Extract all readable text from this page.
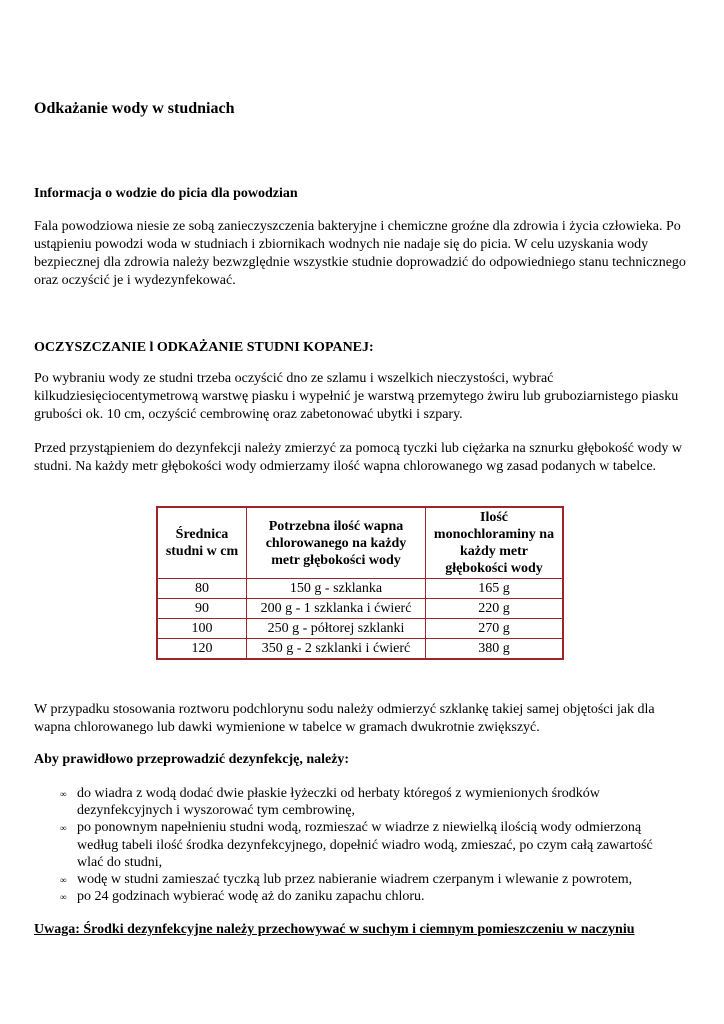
Odkażanie wody w studniach
Informacja o wodzie do picia dla powodzian

Fala powodziowa niesie ze sobą zanieczyszczenia bakteryjne i chemiczne groźne dla zdrowia i życia człowieka. Po ustąpieniu powodzi woda w studniach i zbiornikach wodnych nie nadaje się do picia. W celu uzyskania wody bezpiecznej dla zdrowia należy bezwzględnie wszystkie studnie doprowadzić do odpowiedniego stanu technicznego oraz oczyścić je i wydezynfekować.

OCZYSZCZANIE l ODKAŻANIE STUDNI KOPANEJ:

Po wybraniu wody ze studni trzeba oczyścić dno ze szlamu i wszelkich nieczystości, wybrać kilkudziesięciocentymetrową warstwę piasku i wypełnić je warstwą przemytego żwiru lub gruboziarnistego piasku grubości ok. 10 cm, oczyścić cembrowinę oraz zabetonować ubytki i szpary.

Przed przystąpieniem do dezynfekcji należy zmierzyć za pomocą tyczki lub ciężarka na sznurku głębokość wody w studni. Na każdy metr głębokości wody odmierzamy ilość wapna chlorowanego wg zasad podanych w tabelce.

Średnica studni w cm	Potrzebna ilość wapna chlorowanego na każdy metr głębokości wody	Ilość monochloraminy na każdy metr głębokości wody
80	150 g - szklanka	165 g
90	200 g - 1 szklanka i ćwierć	220 g
100	250 g - półtorej szklanki	270 g
120	350 g - 2 szklanki i ćwierć	380 g

W przypadku stosowania roztworu podchlorynu sodu należy odmierzyć szklankę takiej samej objętości jak dla wapna chlorowanego lub dawki wymienione w tabelce w gramach dwukrotnie zwiększyć.

Aby prawidłowo przeprowadzić dezynfekcję, należy:
∞ do wiadra z wodą dodać dwie płaskie łyżeczki od herbaty któregoś z wymienionych środków dezynfekcyjnych i wyszorować tym cembrowinę,
∞ po ponownym napełnieniu studni wodą, rozmieszać w wiadrze z niewielką ilością wody odmierzoną według tabeli ilość środka dezynfekcyjnego, dopełnić wiadro wodą, zmieszać, po czym całą zawartość wlać do studni,
∞ wodę w studni zamieszać tyczką lub przez nabieranie wiadrem czerpanym i wlewanie z powrotem,
∞ po 24 godzinach wybierać wodę aż do zaniku zapachu chloru.
Uwaga: Środki dezynfekcyjne należy przechowywać w suchym i ciemnym pomieszczeniu w naczyniu
